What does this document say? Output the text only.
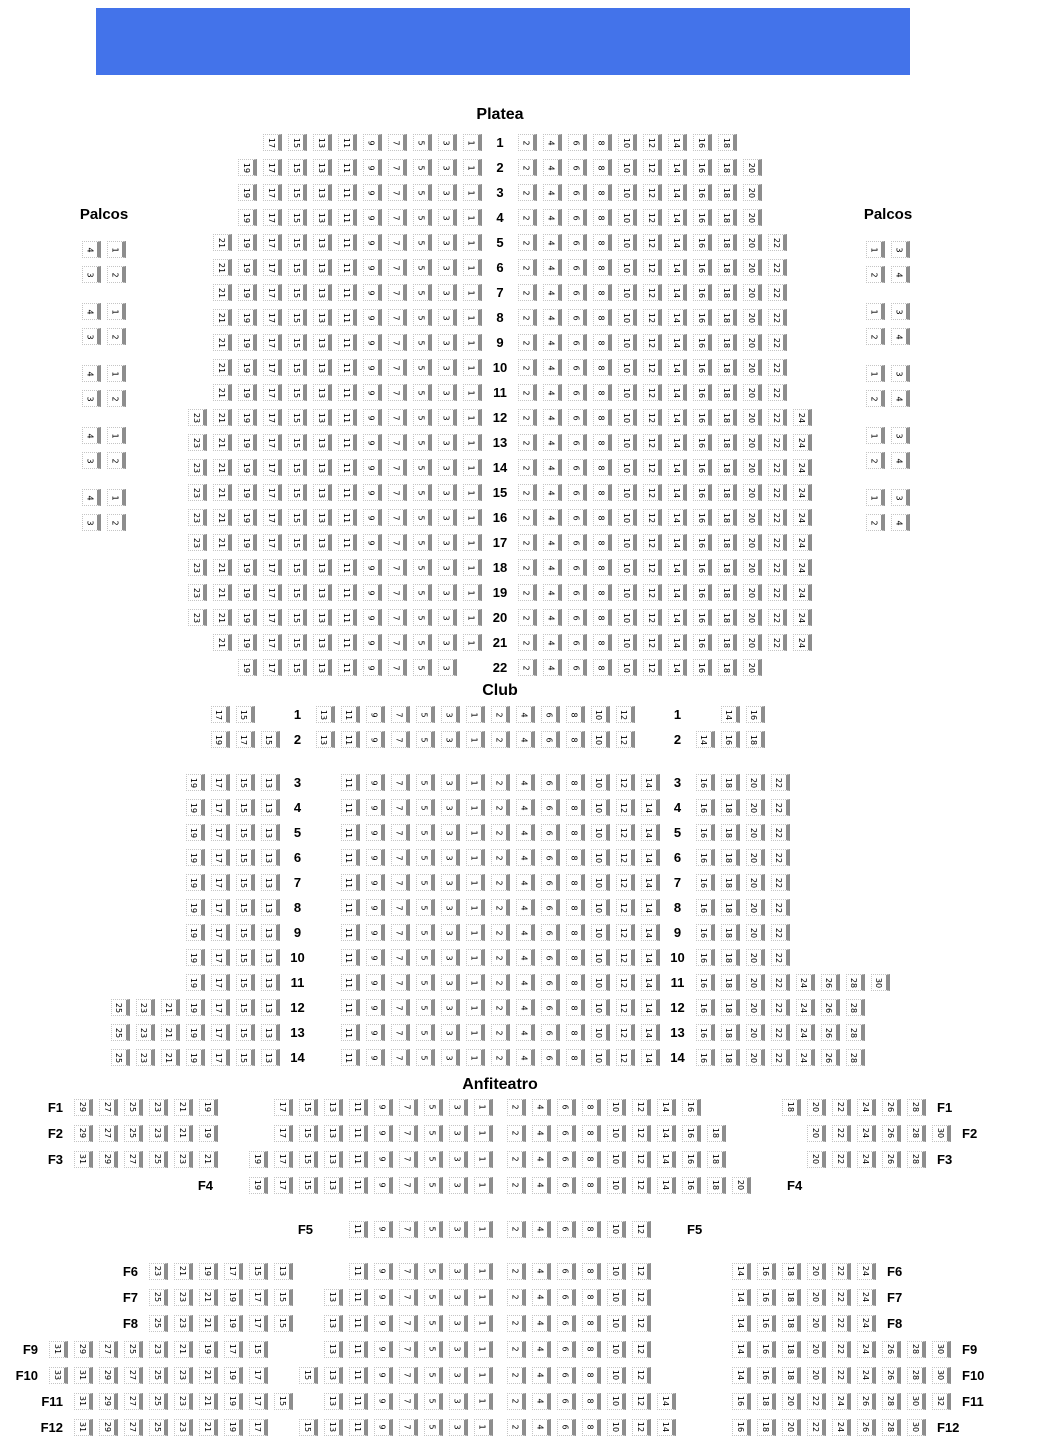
Palcos
4 1
3 2
4 1
3 2
4 1
3 2
4 1
3 2
4 1
3 2
Palcos
1 3
2 4
1 3
2 4
1 3
2 4
1 3
2 4
1 3
2 4
Platea
17 15 13 11 9 7 5 3 1	1	2 4 6 8 10 12 14 16 18
19 17 15 13 11 9 7 5 3 1	2	2 4 6 8 10 12 14 16 18 20
19 17 15 13 11 9 7 5 3 1	3	2 4 6 8 10 12 14 16 18 20
19 17 15 13 11 9 7 5 3 1	4	2 4 6 8 10 12 14 16 18 20
21 19 17 15 13 11 9 7 5 3 1	5	2 4 6 8 10 12 14 16 18 20 22
21 19 17 15 13 11 9 7 5 3 1	6	2 4 6 8 10 12 14 16 18 20 22
21 19 17 15 13 11 9 7 5 3 1	7	2 4 6 8 10 12 14 16 18 20 22
21 19 17 15 13 11 9 7 5 3 1	8	2 4 6 8 10 12 14 16 18 20 22
21 19 17 15 13 11 9 7 5 3 1	9	2 4 6 8 10 12 14 16 18 20 22
21 19 17 15 13 11 9 7 5 3 1	10	2 4 6 8 10 12 14 16 18 20 22
21 19 17 15 13 11 9 7 5 3 1	11	2 4 6 8 10 12 14 16 18 20 22
23 21 19 17 15 13 11 9 7 5 3 1	12	2 4 6 8 10 12 14 16 18 20 22 24
23 21 19 17 15 13 11 9 7 5 3 1	13	2 4 6 8 10 12 14 16 18 20 22 24
23 21 19 17 15 13 11 9 7 5 3 1	14	2 4 6 8 10 12 14 16 18 20 22 24
23 21 19 17 15 13 11 9 7 5 3 1	15	2 4 6 8 10 12 14 16 18 20 22 24
23 21 19 17 15 13 11 9 7 5 3 1	16	2 4 6 8 10 12 14 16 18 20 22 24
23 21 19 17 15 13 11 9 7 5 3 1	17	2 4 6 8 10 12 14 16 18 20 22 24
23 21 19 17 15 13 11 9 7 5 3 1	18	2 4 6 8 10 12 14 16 18 20 22 24
23 21 19 17 15 13 11 9 7 5 3 1	19	2 4 6 8 10 12 14 16 18 20 22 24
23 21 19 17 15 13 11 9 7 5 3 1	20	2 4 6 8 10 12 14 16 18 20 22 24
21 19 17 15 13 11 9 7 5 3 1	21	2 4 6 8 10 12 14 16 18 20 22 24
19 17 15 13 11 9 7 5 3	22	2 4 6 8 10 12 14 16 18 20
Club
17 15	1	13 11 9 7 5 3 1 2 4 6 8 10 12	1	14 16
19 17 15	2	13 11 9 7 5 3 1 2 4 6 8 10 12	2	14 16 18
19 17 15 13	3	11 9 7 5 3 1 2 4 6 8 10 12 14	3	16 18 20 22
19 17 15 13	4	11 9 7 5 3 1 2 4 6 8 10 12 14	4	16 18 20 22
19 17 15 13	5	11 9 7 5 3 1 2 4 6 8 10 12 14	5	16 18 20 22
19 17 15 13	6	11 9 7 5 3 1 2 4 6 8 10 12 14	6	16 18 20 22
19 17 15 13	7	11 9 7 5 3 1 2 4 6 8 10 12 14	7	16 18 20 22
19 17 15 13	8	11 9 7 5 3 1 2 4 6 8 10 12 14	8	16 18 20 22
19 17 15 13	9	11 9 7 5 3 1 2 4 6 8 10 12 14	9	16 18 20 22
19 17 15 13	10	11 9 7 5 3 1 2 4 6 8 10 12 14	10	16 18 20 22
19 17 15 13	11	11 9 7 5 3 1 2 4 6 8 10 12 14	11	16 18 20 22 24 26 28 30
25 23 21 19 17 15 13	12	11 9 7 5 3 1 2 4 6 8 10 12 14	12	16 18 20 22 24 26 28
25 23 21 19 17 15 13	13	11 9 7 5 3 1 2 4 6 8 10 12 14	13	16 18 20 22 24 26 28
25 23 21 19 17 15 13	14	11 9 7 5 3 1 2 4 6 8 10 12 14	14	16 18 20 22 24 26 28
Anfiteatro
F1 29 27 25 23 21 19	17 15 13 11 9 7 5 3 1	2 4 6 8 10 12 14 16	18 20 22 24 26 28 F1
F2 29 27 25 23 21 19	17 15 13 11 9 7 5 3 1	2 4 6 8 10 12 14 16 18	20 22 24 26 28 30 F2
F3 31 29 27 25 23 21	19 17 15 13 11 9 7 5 3 1	2 4 6 8 10 12 14 16 18	20 22 24 26 28 F3
F4	19 17 15 13 11 9 7 5 3 1	2 4 6 8 10 12 14 16 18 20	F4
F5	11 9 7 5 3 1	2 4 6 8 10 12	F5
F6 23 21 19 17 15 13	11 9 7 5 3 1	2 4 6 8 10 12	14 16 18 20 22 24 F6
F7 25 23 21 19 17 15	13 11 9 7 5 3 1	2 4 6 8 10 12	14 16 18 20 22 24 F7
F8 25 23 21 19 17 15	13 11 9 7 5 3 1	2 4 6 8 10 12	14 16 18 20 22 24 F8
F9 31 29 27 25 23 21 19 17 15	13 11 9 7 5 3 1	2 4 6 8 10 12	14 16 18 20 22 24 26 28 30 F9
F10 33 31 29 27 25 23 21 19 17	15 13 11 9 7 5 3 1	2 4 6 8 10 12	14 16 18 20 22 24 26 28 30 F10
F11 31 29 27 25 23 21 19 17 15	13 11 9 7 5 3 1	2 4 6 8 10 12 14	16 18 20 22 24 26 28 30 32 F11
F12 31 29 27 25 23 21 19 17	15 13 11 9 7 5 3 1	2 4 6 8 10 12 14	16 18 20 22 24 26 28 30 F12
